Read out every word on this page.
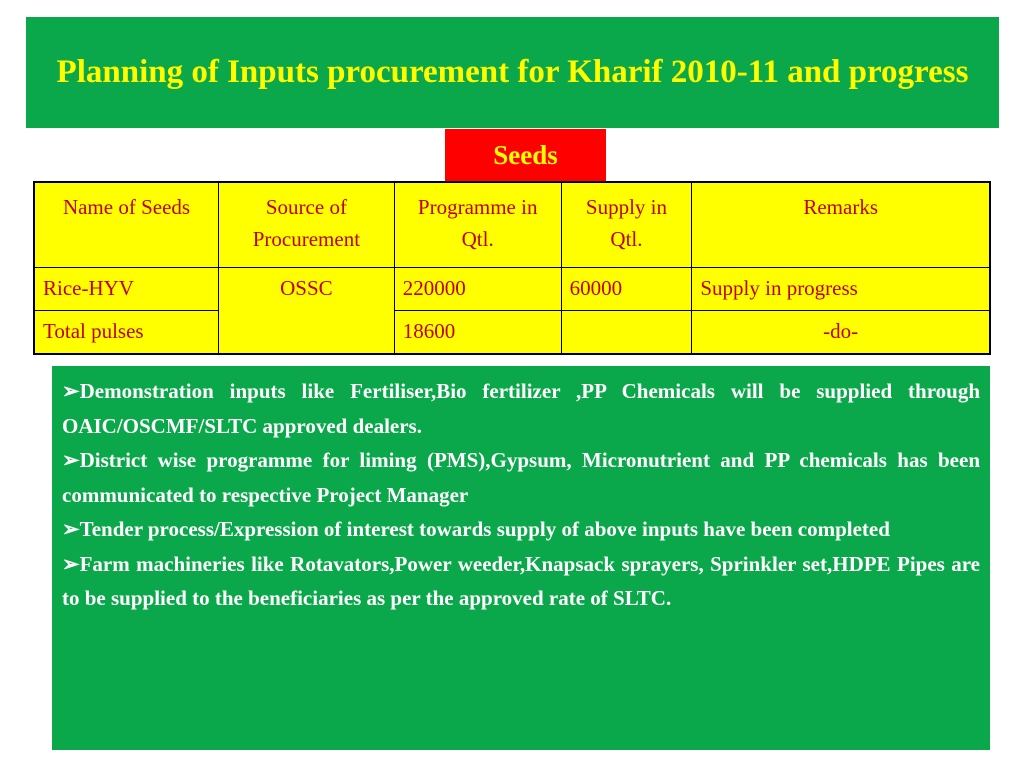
Planning of Inputs procurement for Kharif 2010-11 and progress
Seeds
Name of Seeds	Source of Procurement	Programme in Qtl.	Supply in Qtl.	Remarks
Rice-HYV	OSSC	220000	60000	Supply in progress
Total pulses		18600		-do-

➢Demonstration inputs like Fertiliser,Bio fertilizer ,PP Chemicals will be supplied through OAIC/OSCMF/SLTC approved dealers.

➢District wise programme for liming (PMS),Gypsum, Micronutrient and PP chemicals has been communicated to respective Project Manager

➢Tender process/Expression of interest towards supply of above inputs have been completed

➢Farm machineries like Rotavators,Power weeder,Knapsack sprayers, Sprinkler set,HDPE Pipes are to be supplied to the beneficiaries as per the approved rate of SLTC.
